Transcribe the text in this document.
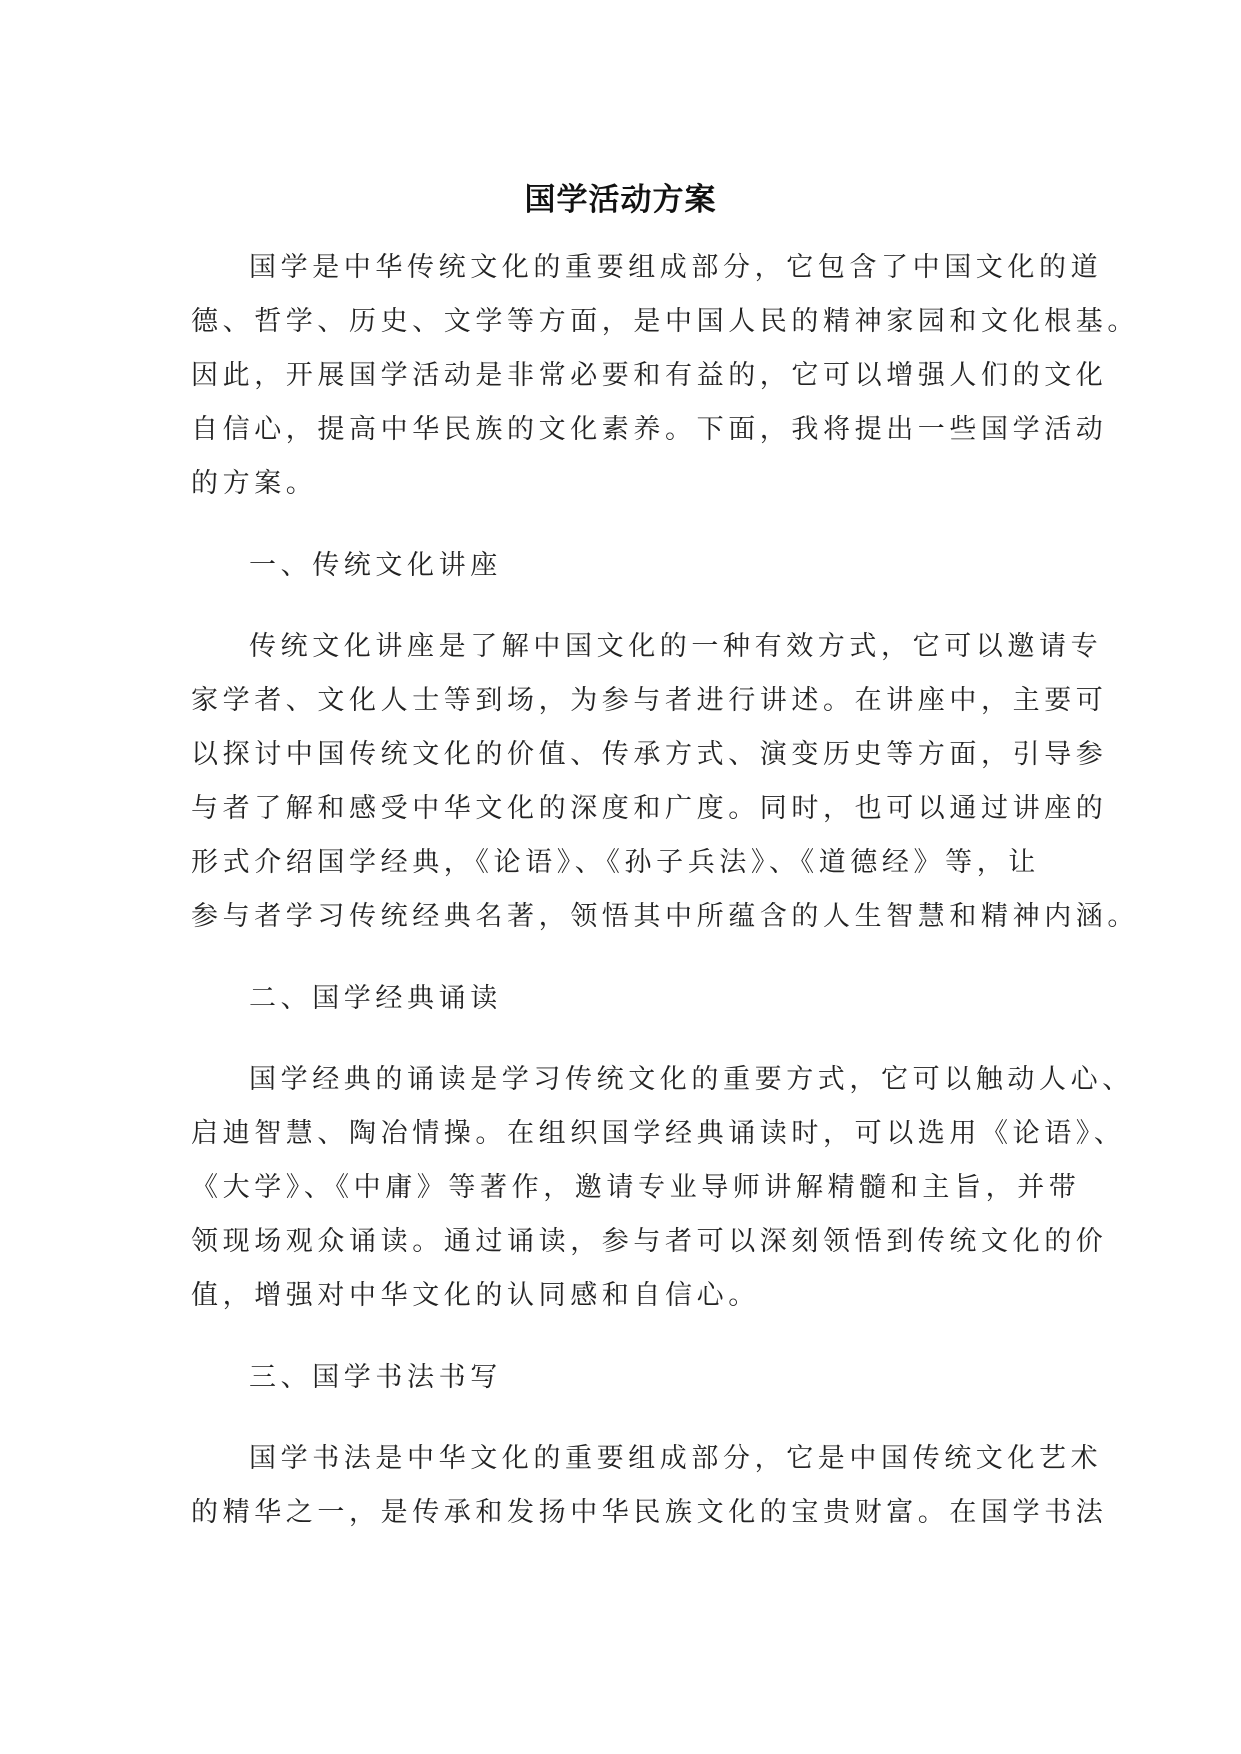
国学活动方案
国学是中华传统文化的重要组成部分，它包含了中国文化的道
德、哲学、历史、文学等方面，是中国人民的精神家园和文化根基。
因此，开展国学活动是非常必要和有益的，它可以增强人们的文化
自信心，提高中华民族的文化素养。下面，我将提出一些国学活动
的方案。
一、传统文化讲座
传统文化讲座是了解中国文化的一种有效方式，它可以邀请专
家学者、文化人士等到场，为参与者进行讲述。在讲座中，主要可
以探讨中国传统文化的价值、传承方式、演变历史等方面，引导参
与者了解和感受中华文化的深度和广度。同时，也可以通过讲座的
形式介绍国学经典，《论语》、《孙子兵法》、《道德经》等，让
参与者学习传统经典名著，领悟其中所蕴含的人生智慧和精神内涵。
二、国学经典诵读
国学经典的诵读是学习传统文化的重要方式，它可以触动人心、
启迪智慧、陶冶情操。在组织国学经典诵读时，可以选用《论语》、
《大学》、《中庸》等著作，邀请专业导师讲解精髓和主旨，并带
领现场观众诵读。通过诵读，参与者可以深刻领悟到传统文化的价
值，增强对中华文化的认同感和自信心。
三、国学书法书写
国学书法是中华文化的重要组成部分，它是中国传统文化艺术
的精华之一，是传承和发扬中华民族文化的宝贵财富。在国学书法
